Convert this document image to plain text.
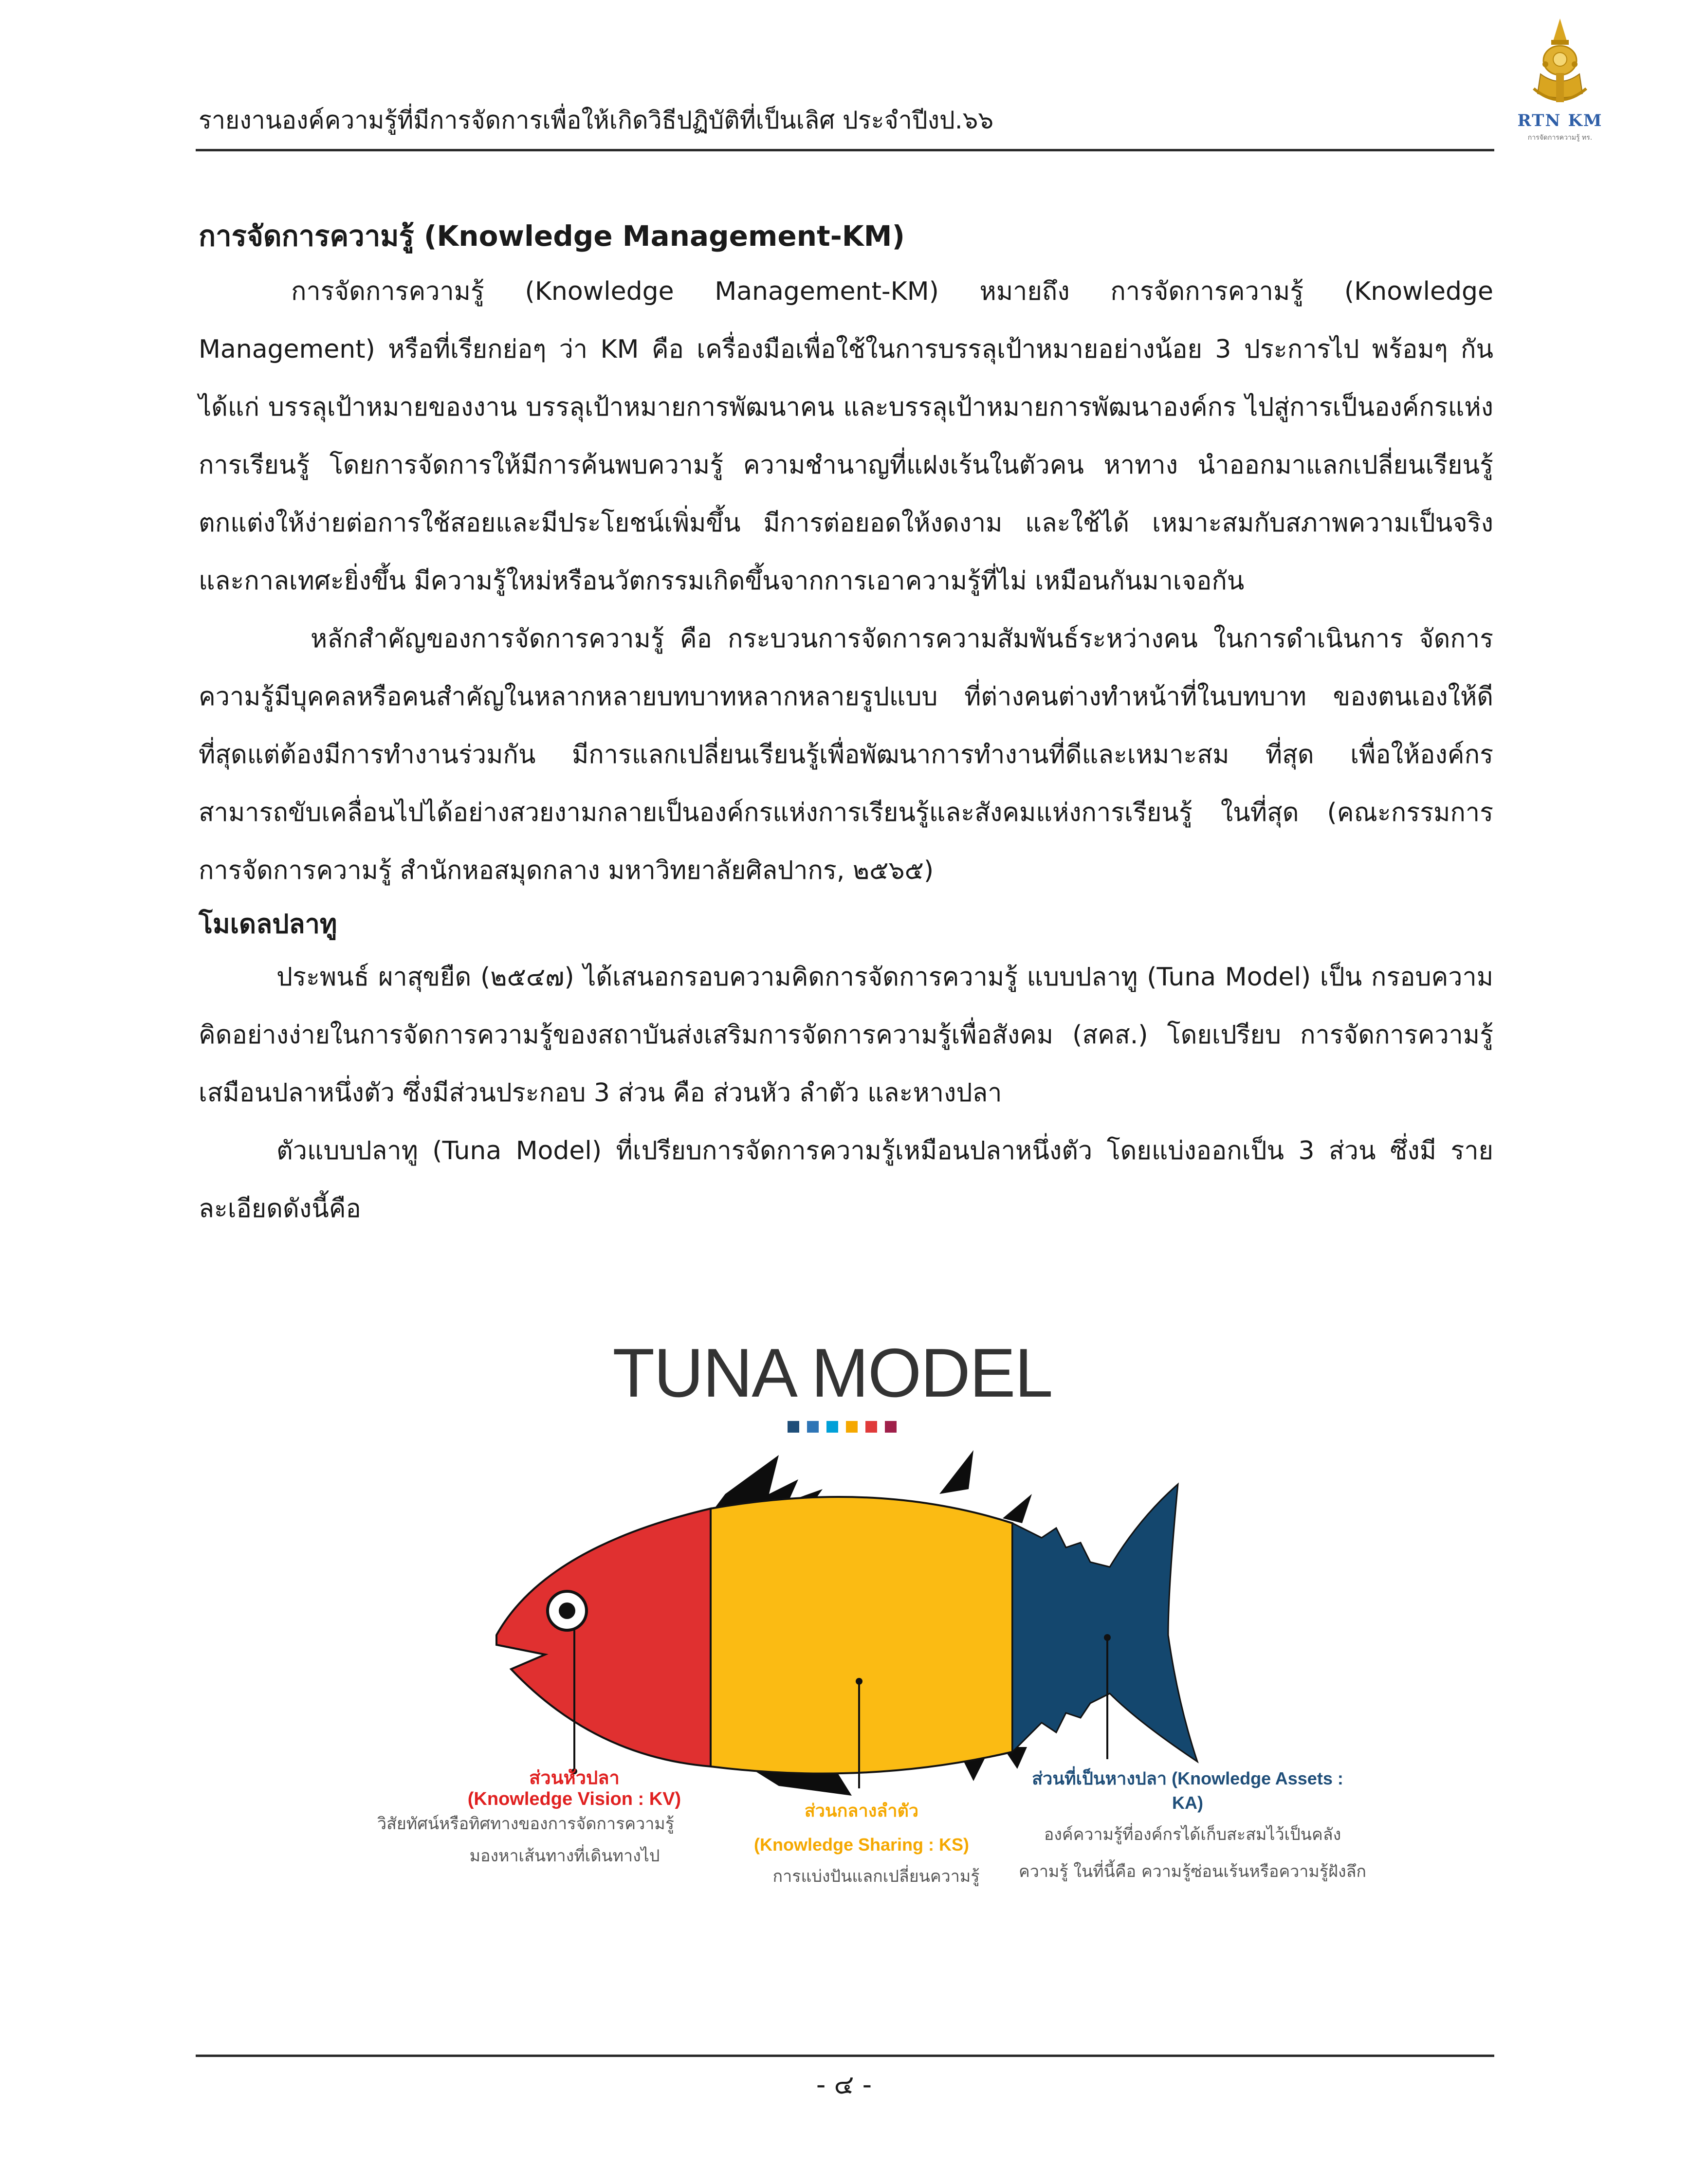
รายงานองค์ความรู้ที่มีการจัดการเพื่อให้เกิดวิธีปฏิบัติที่เป็นเลิศ ประจำปีงป.๖๖	RTN KM
การจัดการความรู้ ทร.
การจัดการความรู้ (Knowledge Management-KM)

การจัดการความรู้ (Knowledge Management-KM) หมายถึง การจัดการความรู้ (Knowledge Management) หรือที่เรียกย่อๆ ว่า KM คือ เครื่องมือเพื่อใช้ในการบรรลุเป้าหมายอย่างน้อย 3 ประการไป พร้อมๆ กัน ได้แก่ บรรลุเป้าหมายของงาน บรรลุเป้าหมายการพัฒนาคน และบรรลุเป้าหมายการพัฒนาองค์กร ไปสู่การเป็นองค์กรแห่งการเรียนรู้ โดยการจัดการให้มีการค้นพบความรู้ ความชำนาญที่แฝงเร้นในตัวคน หาทาง นำออกมาแลกเปลี่ยนเรียนรู้ ตกแต่งให้ง่ายต่อการใช้สอยและมีประโยชน์เพิ่มขึ้น มีการต่อยอดให้งดงาม และใช้ได้ เหมาะสมกับสภาพความเป็นจริงและกาลเทศะยิ่งขึ้น มีความรู้ใหม่หรือนวัตกรรมเกิดขึ้นจากการเอาความรู้ที่ไม่ เหมือนกันมาเจอกัน

หลักสำคัญของการจัดการความรู้ คือ กระบวนการจัดการความสัมพันธ์ระหว่างคน ในการดำเนินการ จัดการความรู้มีบุคคลหรือคนสำคัญในหลากหลายบทบาทหลากหลายรูปแบบ ที่ต่างคนต่างทำหน้าที่ในบทบาท ของตนเองให้ดีที่สุดแต่ต้องมีการทำงานร่วมกัน มีการแลกเปลี่ยนเรียนรู้เพื่อพัฒนาการทำงานที่ดีและเหมาะสม ที่สุด เพื่อให้องค์กรสามารถขับเคลื่อนไปได้อย่างสวยงามกลายเป็นองค์กรแห่งการเรียนรู้และสังคมแห่งการเรียนรู้ ในที่สุด (คณะกรรมการการจัดการความรู้ สำนักหอสมุดกลาง มหาวิทยาลัยศิลปากร, ๒๕๖๕)

โมเดลปลาทู

ประพนธ์ ผาสุขยืด (๒๕๔๗) ได้เสนอกรอบความคิดการจัดการความรู้ แบบปลาทู (Tuna Model) เป็น กรอบความคิดอย่างง่ายในการจัดการความรู้ของสถาบันส่งเสริมการจัดการความรู้เพื่อสังคม (สคส.) โดยเปรียบ การจัดการความรู้เสมือนปลาหนึ่งตัว ซึ่งมีส่วนประกอบ 3 ส่วน คือ ส่วนหัว ลำตัว และหางปลา

ตัวแบบปลาทู (Tuna Model) ที่เปรียบการจัดการความรู้เหมือนปลาหนึ่งตัว โดยแบ่งออกเป็น 3 ส่วน ซึ่งมี รายละเอียดดังนี้คือ

TUNA MODEL
ส่วนหัวปลา
(Knowledge Vision : KV)
วิสัยทัศน์หรือทิศทางของการจัดการความรู้
มองหาเส้นทางที่เดินทางไป
ส่วนกลางลำตัว
(Knowledge Sharing : KS)
การแบ่งปันแลกเปลี่ยนความรู้
ส่วนที่เป็นหางปลา (Knowledge Assets :
KA)
องค์ความรู้ที่องค์กรได้เก็บสะสมไว้เป็นคลัง
ความรู้ ในที่นี้คือ ความรู้ซ่อนเร้นหรือความรู้ฝังลึก
- ๔ -
